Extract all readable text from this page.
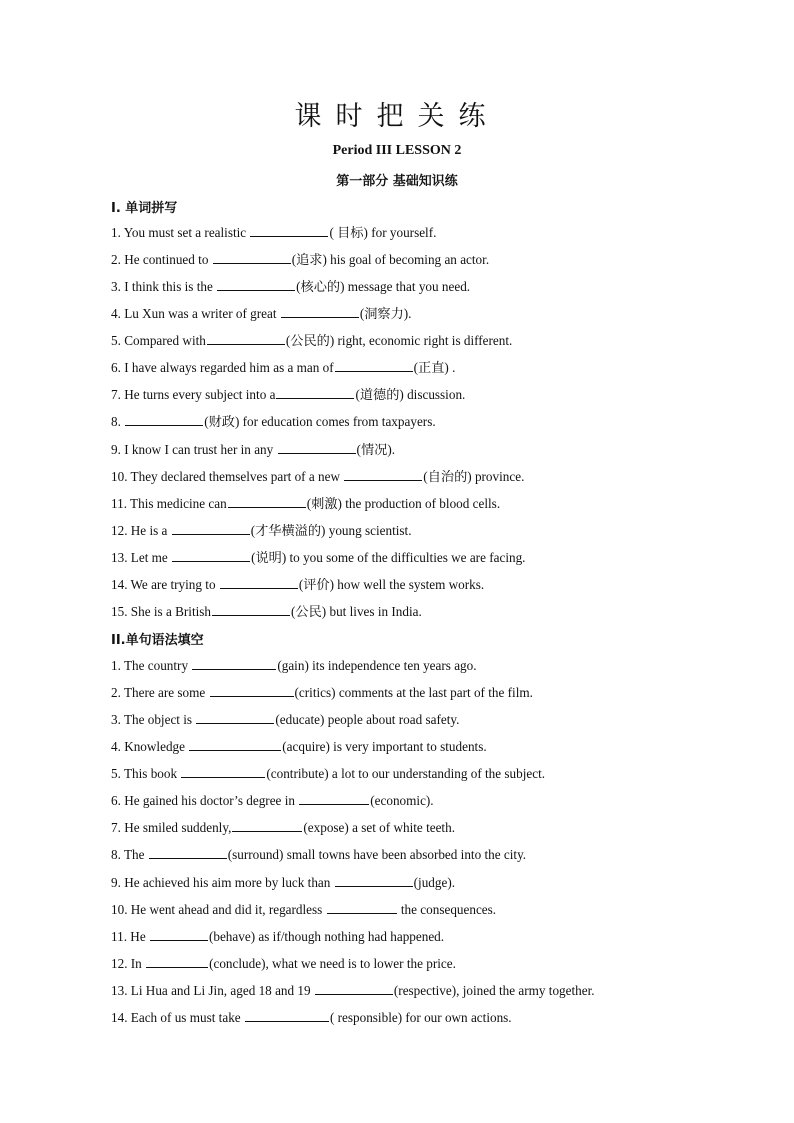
课时把关练
Period III LESSON 2
第一部分 基础知识练
I. 单词拼写
1. You must set a realistic	( 目标) for yourself.
2. He continued to	(追求) his goal of becoming an actor.
3. I think this is the	(核心的) message that you need.
4. Lu Xun was a writer of great	(洞察力).
5. Compared with	(公民的) right, economic right is different.
6. I have always regarded him as a man of	(正直) .
7. He turns every subject into a	(道德的) discussion.
8.	(财政) for education comes from taxpayers.
9. I know I can trust her in any	(情况).
10. They declared themselves part of a new	(自治的) province.
11. This medicine can	(刺激) the production of blood cells.
12. He is a	(才华横溢的) young scientist.
13. Let me	(说明) to you some of the difficulties we are facing.
14. We are trying to	(评价) how well the system works.
15. She is a British	(公民) but lives in India.
II.单句语法填空
1. The country	(gain) its independence ten years ago.
2. There are some	(critics) comments at the last part of the film.
3. The object is	(educate) people about road safety.
4. Knowledge	(acquire) is very important to students.
5. This book	(contribute) a lot to our understanding of the subject.
6. He gained his doctor’s degree in	(economic).
7. He smiled suddenly,	(expose) a set of white teeth.
8. The	(surround) small towns have been absorbed into the city.
9. He achieved his aim more by luck than	(judge).
10. He went ahead and did it, regardless	the consequences.
11. He	(behave) as if/though nothing had happened.
12. In	(conclude), what we need is to lower the price.
13. Li Hua and Li Jin, aged 18 and 19	(respective), joined the army together.
14. Each of us must take	( responsible) for our own actions.
